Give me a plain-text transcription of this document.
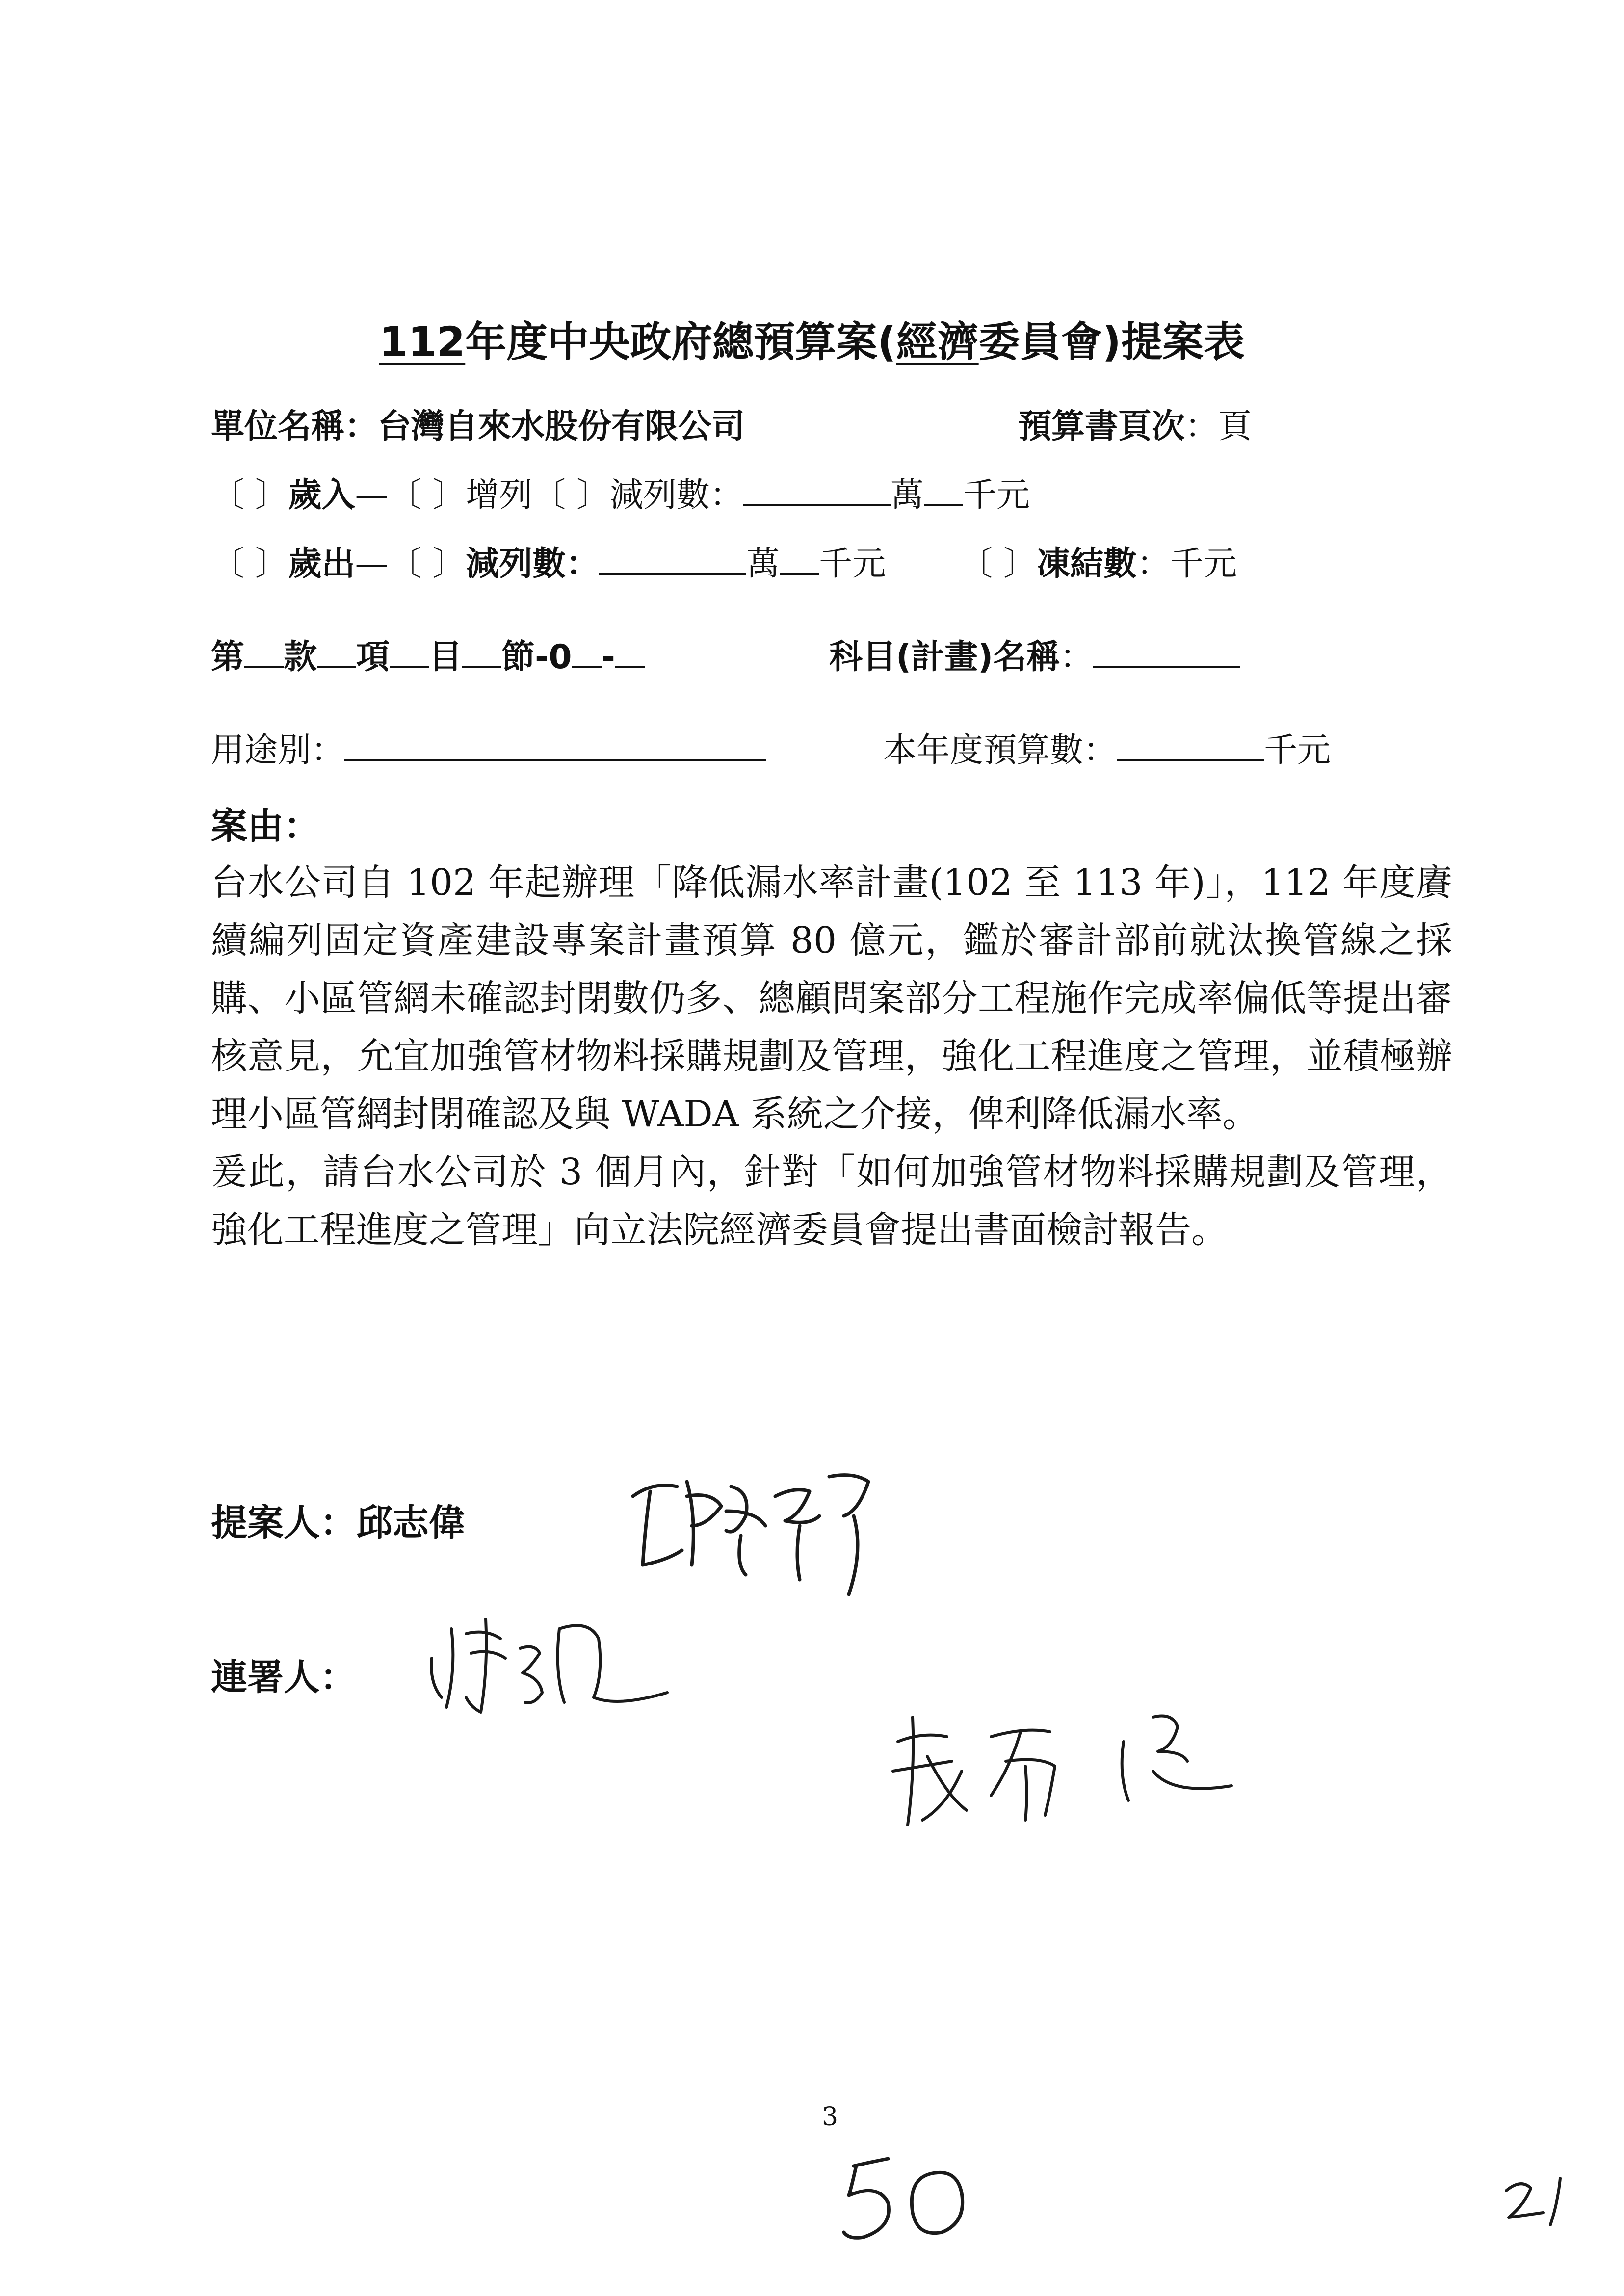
112年度中央政府總預算案(經濟委員會)提案表
單位名稱：台灣自來水股份有限公司	預算書頁次：頁
〔 〕歲入—〔 〕增列〔 〕減列數：	萬 千元
〔 〕歲出—〔 〕減列數：	萬 千元 〔 〕凍結數：千元
第 款 項 目 節-0 -	科目(計畫)名稱：
用途別：	本年度預算數：	千元
案由：

台水公司自 102 年起辦理「降低漏水率計畫(102 至 113 年)」，112 年度賡續編列固定資產建設專案計畫預算 80 億元，鑑於審計部前就汰換管線之採購、小區管網未確認封閉數仍多、總顧問案部分工程施作完成率偏低等提出審核意見，允宜加強管材物料採購規劃及管理，強化工程進度之管理，並積極辦理小區管網封閉確認及與 WADA 系統之介接，俾利降低漏水率。

爰此，請台水公司於 3 個月內，針對「如何加強管材物料採購規劃及管理，強化工程進度之管理」向立法院經濟委員會提出書面檢討報告。

提案人：邱志偉
連署人：
3
